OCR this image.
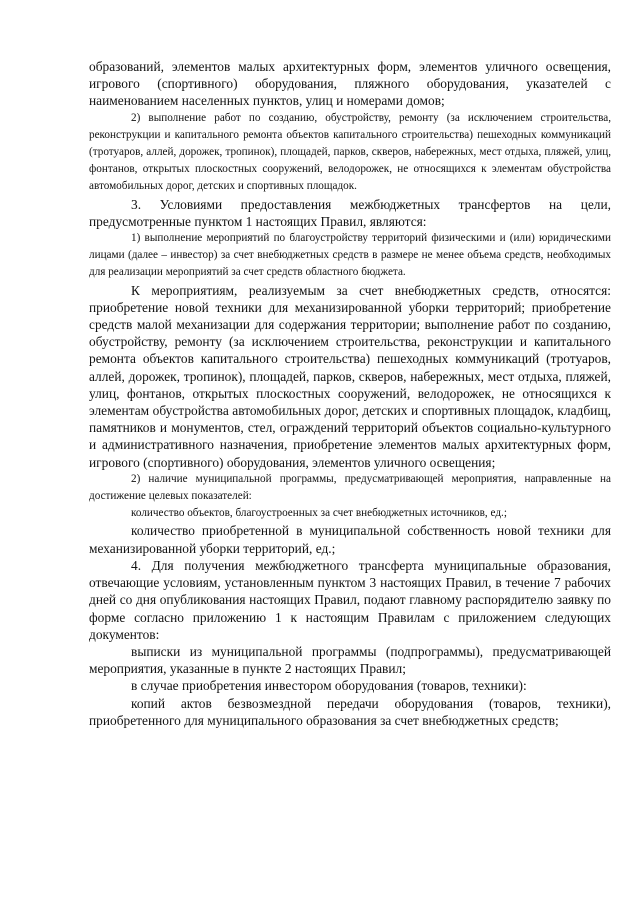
образований, элементов малых архитектурных форм, элементов уличного освещения, игрового (спортивного) оборудования, пляжного оборудования, указателей с наименованием населенных пунктов, улиц и номерами домов;

2) выполнение работ по созданию, обустройству, ремонту (за исключением строительства, реконструкции и капитального ремонта объектов капитального строительства) пешеходных коммуникаций (тротуаров, аллей, дорожек, тропинок), площадей, парков, скверов, набережных, мест отдыха, пляжей, улиц, фонтанов, открытых плоскостных сооружений, велодорожек, не относящихся к элементам обустройства автомобильных дорог, детских и спортивных площадок.

3. Условиями предоставления межбюджетных трансфертов на цели, предусмотренные пунктом 1 настоящих Правил, являются:

1) выполнение мероприятий по благоустройству территорий физическими и (или) юридическими лицами (далее – инвестор) за счет внебюджетных средств в размере не менее объема средств, необходимых для реализации мероприятий за счет средств областного бюджета.

К мероприятиям, реализуемым за счет внебюджетных средств, относятся: приобретение новой техники для механизированной уборки территорий; приобретение средств малой механизации для содержания территории; выполнение работ по созданию, обустройству, ремонту (за исключением строительства, реконструкции и капитального ремонта объектов капитального строительства) пешеходных коммуникаций (тротуаров, аллей, дорожек, тропинок), площадей, парков, скверов, набережных, мест отдыха, пляжей, улиц, фонтанов, открытых плоскостных сооружений, велодорожек, не относящихся к элементам обустройства автомобильных дорог, детских и спортивных площадок, кладбищ, памятников и монументов, стел, ограждений территорий объектов социально-культурного и административного назначения, приобретение элементов малых архитектурных форм, игрового (спортивного) оборудования, элементов уличного освещения;

2) наличие муниципальной программы, предусматривающей мероприятия, направленные на достижение целевых показателей:

количество объектов, благоустроенных за счет внебюджетных источников, ед.;

количество приобретенной в муниципальной собственность новой техники для механизированной уборки территорий, ед.;

4. Для получения межбюджетного трансферта муниципальные образования, отвечающие условиям, установленным пунктом 3 настоящих Правил, в течение 7 рабочих дней со дня опубликования настоящих Правил, подают главному распорядителю заявку по форме согласно приложению 1 к настоящим Правилам с приложением следующих документов:

выписки из муниципальной программы (подпрограммы), предусматривающей мероприятия, указанные в пункте 2 настоящих Правил;

в случае приобретения инвестором оборудования (товаров, техники):

копий актов безвозмездной передачи оборудования (товаров, техники), приобретенного для муниципального образования за счет внебюджетных средств;
